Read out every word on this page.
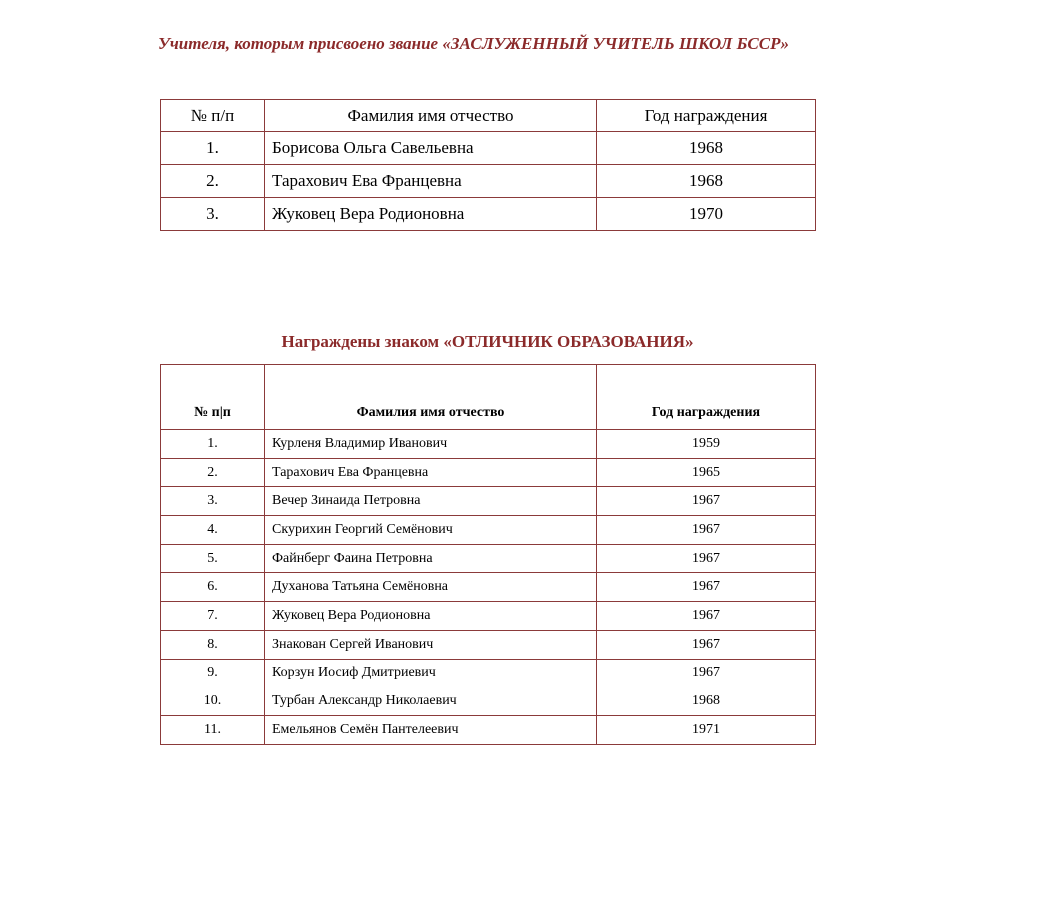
Учителя, которым присвоено звание «ЗАСЛУЖЕННЫЙ УЧИТЕЛЬ ШКОЛ БССР»
№ п/п	Фамилия имя отчество	Год награждения
1.	Борисова Ольга Савельевна	1968
2.	Тарахович Ева Францевна	1968
3.	Жуковец Вера Родионовна	1970
Награждены знаком «ОТЛИЧНИК ОБРАЗОВАНИЯ»
№ п|п	Фамилия имя отчество	Год награждения
1.	Курленя Владимир Иванович	1959
2.	Тарахович Ева Францевна	1965
3.	Вечер Зинаида Петровна	1967
4.	Скурихин Георгий Семёнович	1967
5.	Файнберг Фаина Петровна	1967
6.	Духанова Татьяна Семёновна	1967
7.	Жуковец Вера Родионовна	1967
8.	Знакован Сергей Иванович	1967
9.	Корзун Иосиф Дмитриевич	1967
10.	Турбан Александр Николаевич	1968
11.	Емельянов Семён Пантелеевич	1971
